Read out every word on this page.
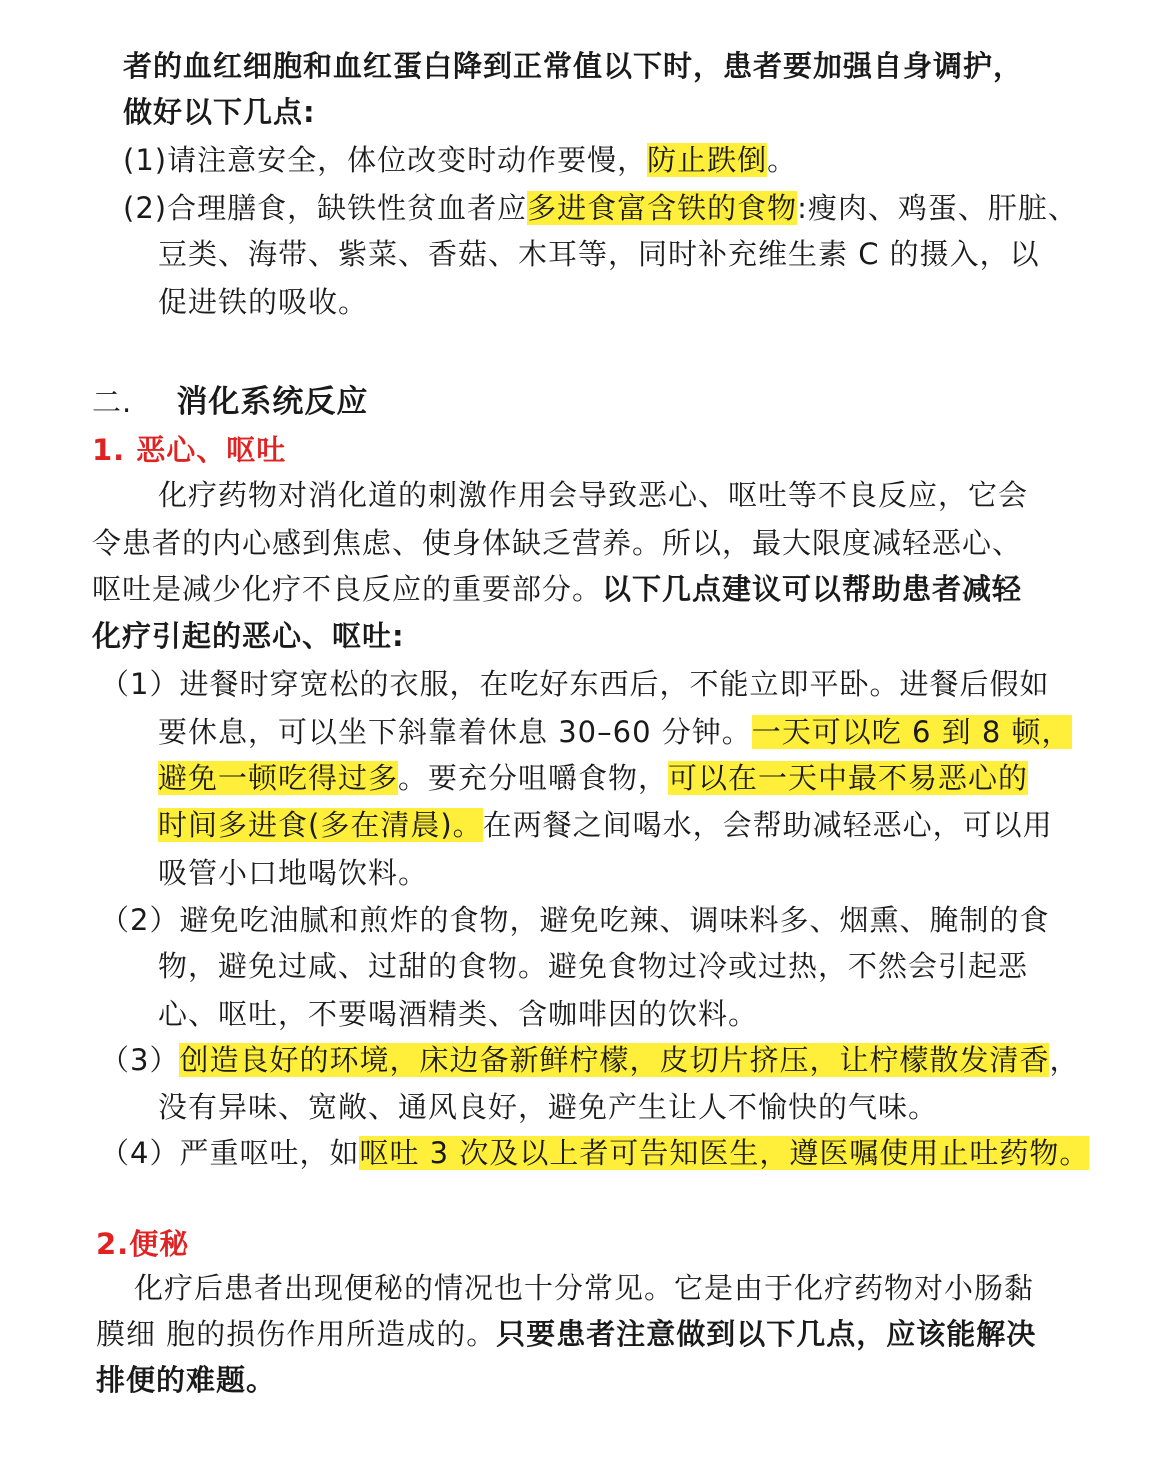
者的血红细胞和血红蛋白降到正常值以下时，患者要加强自身调护，
做好以下几点:
(1)请注意安全，体位改变时动作要慢，防止跌倒。
(2)合理膳食，缺铁性贫血者应多进食富含铁的食物:瘦肉、鸡蛋、肝脏、
豆类、海带、紫菜、香菇、木耳等，同时补充维生素 C 的摄入，以
促进铁的吸收。
二. 消化系统反应
1. 恶心、呕吐
化疗药物对消化道的刺激作用会导致恶心、呕吐等不良反应，它会
令患者的内心感到焦虑、使身体缺乏营养。所以，最大限度减轻恶心、
呕吐是减少化疗不良反应的重要部分。以下几点建议可以帮助患者减轻
化疗引起的恶心、呕吐:
（1）进餐时穿宽松的衣服，在吃好东西后，不能立即平卧。进餐后假如
要休息，可以坐下斜靠着休息 30–60 分钟。一天可以吃 6 到 8 顿，
避免一顿吃得过多。要充分咀嚼食物，可以在一天中最不易恶心的
时间多进食(多在清晨)。在两餐之间喝水，会帮助减轻恶心，可以用
吸管小口地喝饮料。
（2）避免吃油腻和煎炸的食物，避免吃辣、调味料多、烟熏、腌制的食
物，避免过咸、过甜的食物。避免食物过冷或过热，不然会引起恶
心、呕吐，不要喝酒精类、含咖啡因的饮料。
（3）创造良好的环境，床边备新鲜柠檬，皮切片挤压，让柠檬散发清香，
没有异味、宽敞、通风良好，避免产生让人不愉快的气味。
（4）严重呕吐，如呕吐 3 次及以上者可告知医生，遵医嘱使用止吐药物。
2.便秘
化疗后患者出现便秘的情况也十分常见。它是由于化疗药物对小肠黏
膜细 胞的损伤作用所造成的。只要患者注意做到以下几点，应该能解决
排便的难题。
